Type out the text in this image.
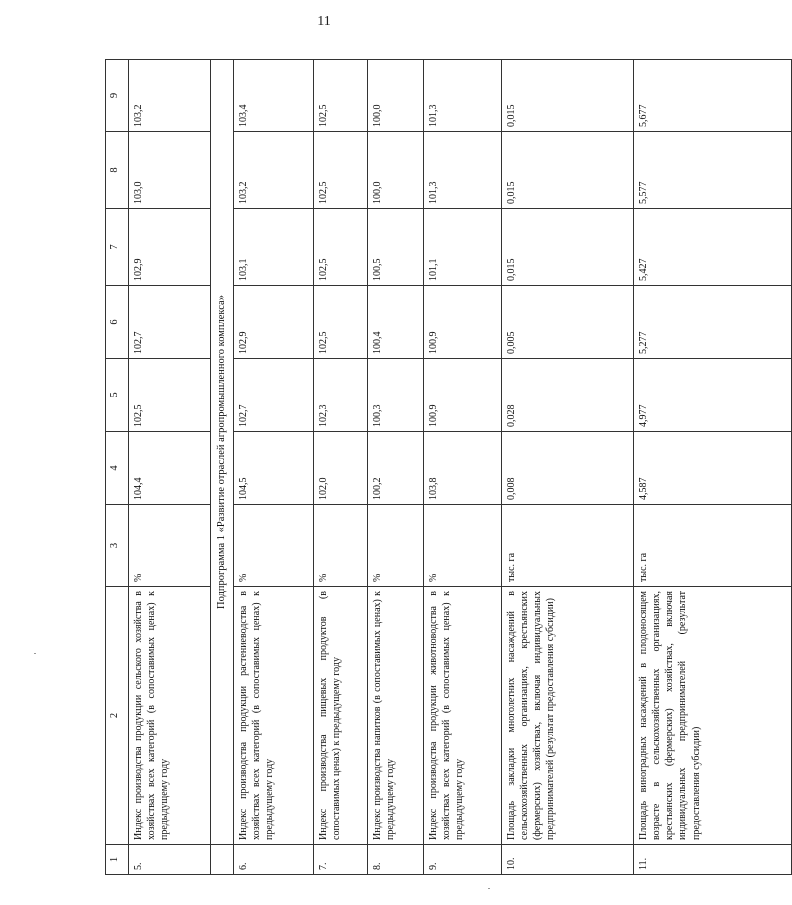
11
1	2	3	4	5	6	7	8	9
5.	Индекс производства продукции сельского хозяйства в хозяйствах всех категорий (в сопоставимых ценах) к предыдущему году	%	104,4	102,5	102,7	102,9	103,0	103,2
	Подпрограмма 1 «Развитие отраслей агропромышленного комплекса»							
6.	Индекс производства продукции растениеводства в хозяйствах всех категорий (в сопоставимых ценах) к предыдущему году	%	104,5	102,7	102,9	103,1	103,2	103,4
7.	Индекс производства пищевых продуктов (в сопоставимых ценах) к предыдущему году	%	102,0	102,3	102,5	102,5	102,5	102,5
8.	Индекс производства напитков (в сопоставимых ценах) к предыдущему году	%	100,2	100,3	100,4	100,5	100,0	100,0
9.	Индекс производства продукции животноводства в хозяйствах всех категорий (в сопоставимых ценах) к предыдущему году	%	103,8	100,9	100,9	101,1	101,3	101,3
10.	Площадь закладки многолетних насаждений в сельскохозяйственных организациях, крестьянских (фермерских) хозяйствах, включая индивидуальных предпринимателей (результат предоставления субсидии)	тыс. га	0,008	0,028	0,005	0,015	0,015	0,015
11.	Площадь виноградных насаждений в плодоносящем возрасте в сельскохозяйственных организациях, крестьянских (фермерских) хозяйствах, включая индивидуальных предпринимателей (результат предоставления субсидии)	тыс. га	4,587	4,977	5,277	5,427	5,577	5,677
